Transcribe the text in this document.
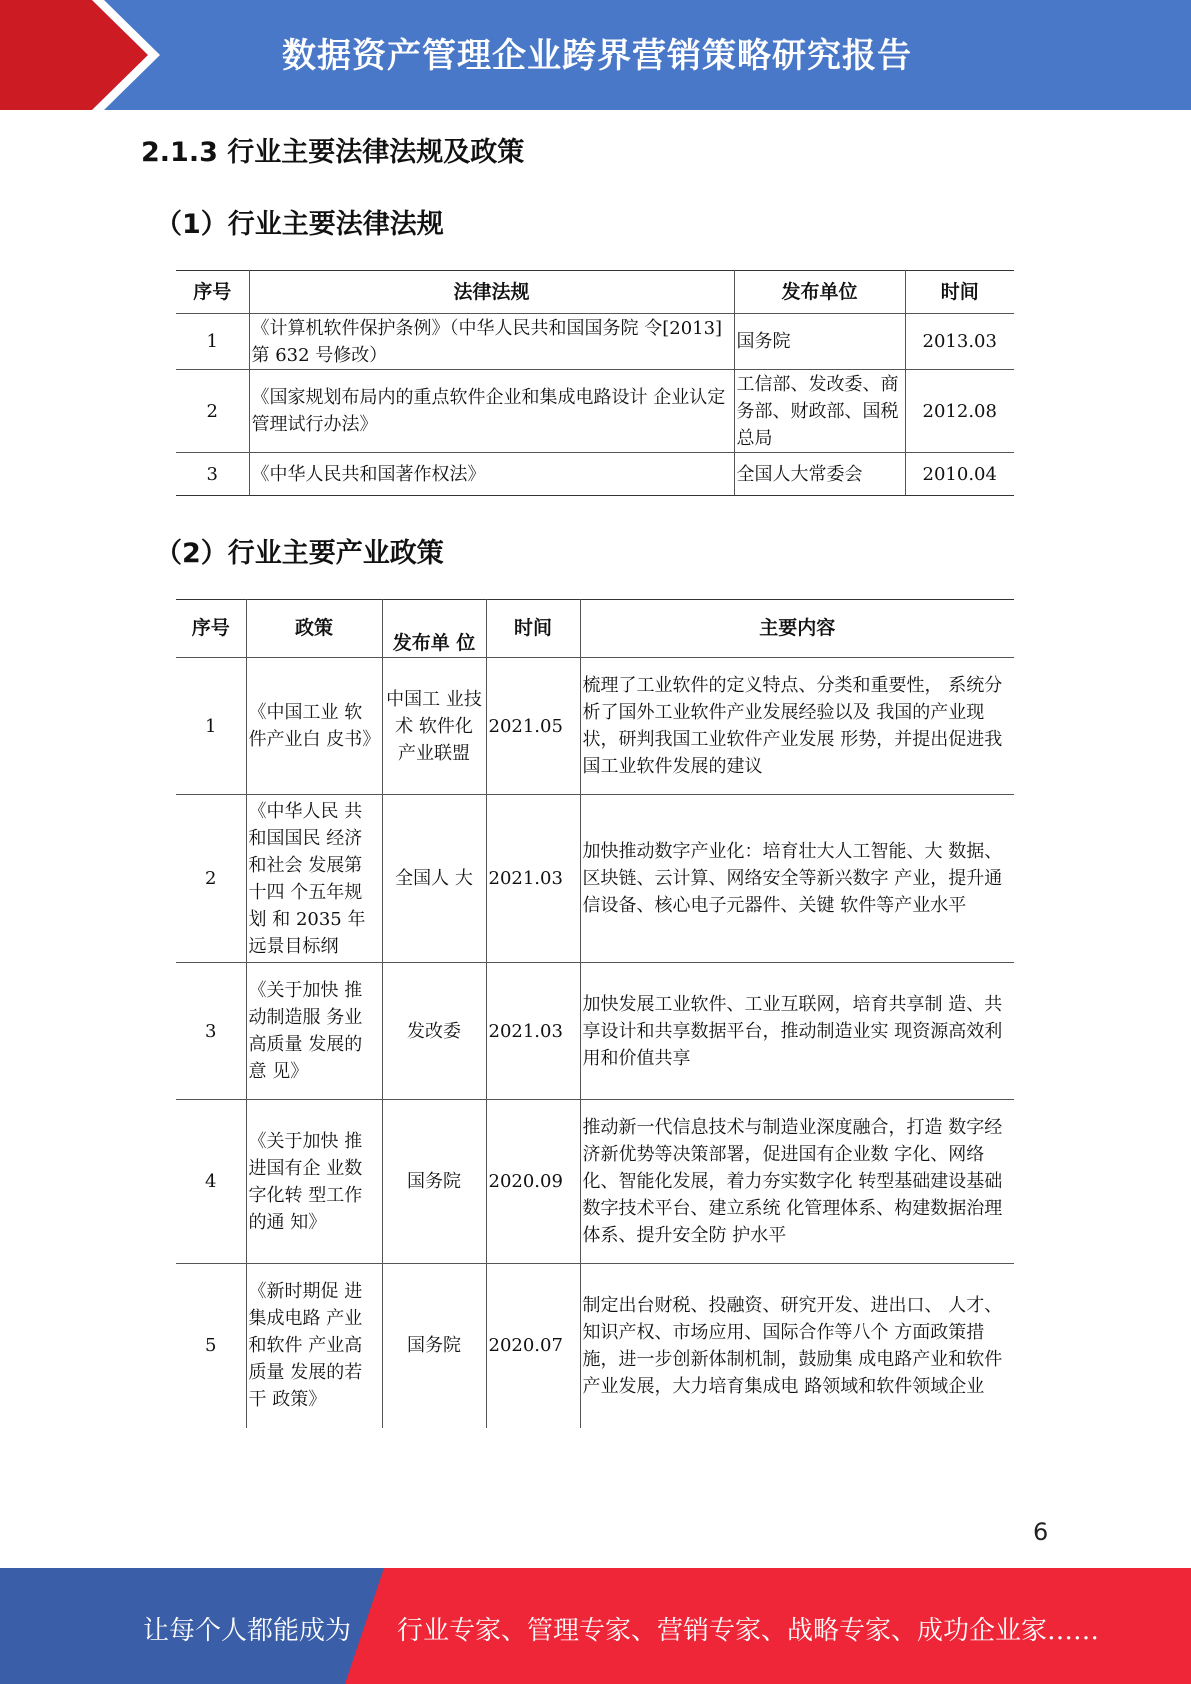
数据资产管理企业跨界营销策略研究报告
2.1.3 行业主要法律法规及政策
（1）行业主要法律法规
序号	法律法规	发布单位	时间
1	《计算机软件保护条例》（中华人民共和国国务院 令[2013]第 632 号修改）	国务院	2013.03
2	《国家规划布局内的重点软件企业和集成电路设计 企业认定管理试行办法》	工信部、发改委、商务部、财政部、国税总局	2012.08
3	《中华人民共和国著作权法》	全国人大常委会	2010.04
（2）行业主要产业政策
序号	政策	发布单 位	时间	主要内容
1	《中国工业 软件产业白 皮书》	中国工 业技术 软件化 产业联盟	2021.05	梳理了工业软件的定义特点、分类和重要性， 系统分析了国外工业软件产业发展经验以及 我国的产业现状，研判我国工业软件产业发展 形势，并提出促进我国工业软件发展的建议
2	《中华人民 共和国国民 经济和社会 发展第十四 个五年规划 和 2035 年远景目标纲	全国人 大	2021.03	加快推动数字产业化：培育壮大人工智能、大 数据、区块链、云计算、网络安全等新兴数字 产业，提升通信设备、核心电子元器件、关键 软件等产业水平
3	《关于加快 推动制造服 务业高质量 发展的意 见》	发改委	2021.03	加快发展工业软件、工业互联网，培育共享制 造、共享设计和共享数据平台，推动制造业实 现资源高效利用和价值共享
4	《关于加快 推进国有企 业数字化转 型工作的通 知》	国务院	2020.09	推动新一代信息技术与制造业深度融合，打造 数字经济新优势等决策部署，促进国有企业数 字化、网络化、智能化发展，着力夯实数字化 转型基础建设基础数字技术平台、建立系统 化管理体系、构建数据治理体系、提升安全防 护水平
5	《新时期促 进集成电路 产业和软件 产业高质量 发展的若干 政策》	国务院	2020.07	制定出台财税、投融资、研究开发、进出口、 人才、知识产权、市场应用、国际合作等八个 方面政策措施，进一步创新体制机制，鼓励集 成电路产业和软件产业发展，大力培育集成电 路领域和软件领域企业
6
让每个人都能成为 行业专家、管理专家、营销专家、战略专家、成功企业家……
